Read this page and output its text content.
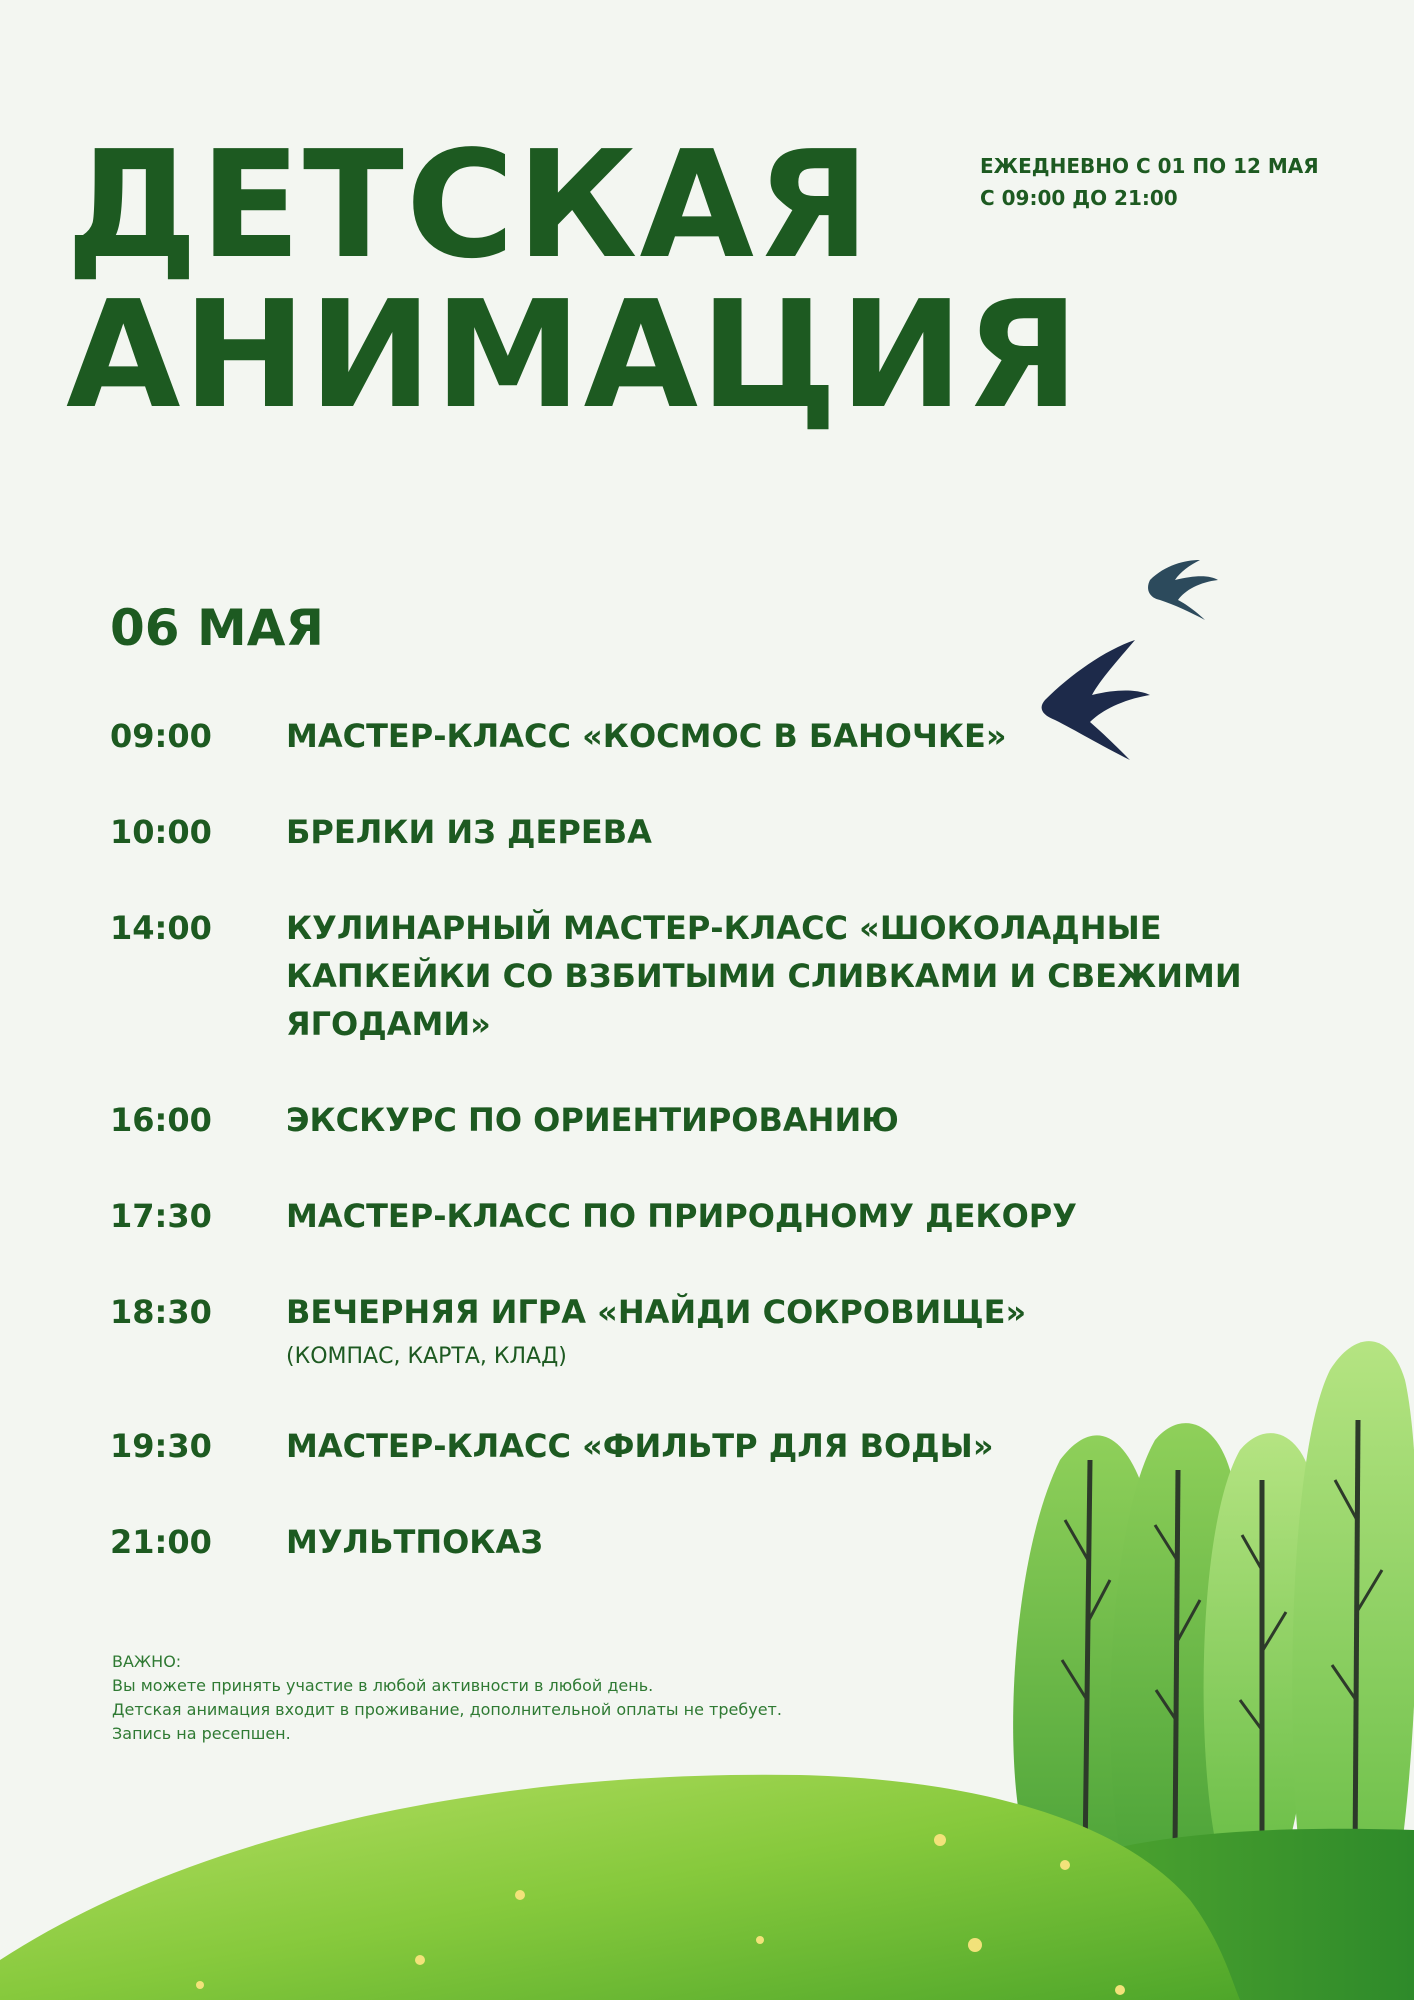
ДЕТСКАЯ
АНИМАЦИЯ
ЕЖЕДНЕВНО С 01 ПО 12 МАЯ
С 09:00 ДО 21:00
06 МАЯ
09:00	МАСТЕР-КЛАСС «КОСМОС В БАНОЧКЕ»
10:00	БРЕЛКИ ИЗ ДЕРЕВА
14:00	КУЛИНАРНЫЙ МАСТЕР-КЛАСС «ШОКОЛАДНЫЕ КАПКЕЙКИ СО ВЗБИТЫМИ СЛИВКАМИ И СВЕЖИМИ ЯГОДАМИ»
16:00	ЭКСКУРС ПО ОРИЕНТИРОВАНИЮ
17:30	МАСТЕР-КЛАСС ПО ПРИРОДНОМУ ДЕКОРУ
18:30	ВЕЧЕРНЯЯ ИГРА «НАЙДИ СОКРОВИЩЕ»
(КОМПАС, КАРТА, КЛАД)
19:30	МАСТЕР-КЛАСС «ФИЛЬТР ДЛЯ ВОДЫ»
21:00	МУЛЬТПОКАЗ
ВАЖНО:
Вы можете принять участие в любой активности в любой день.
Детская анимация входит в проживание, дополнительной оплаты не требует.
Запись на ресепшен.
